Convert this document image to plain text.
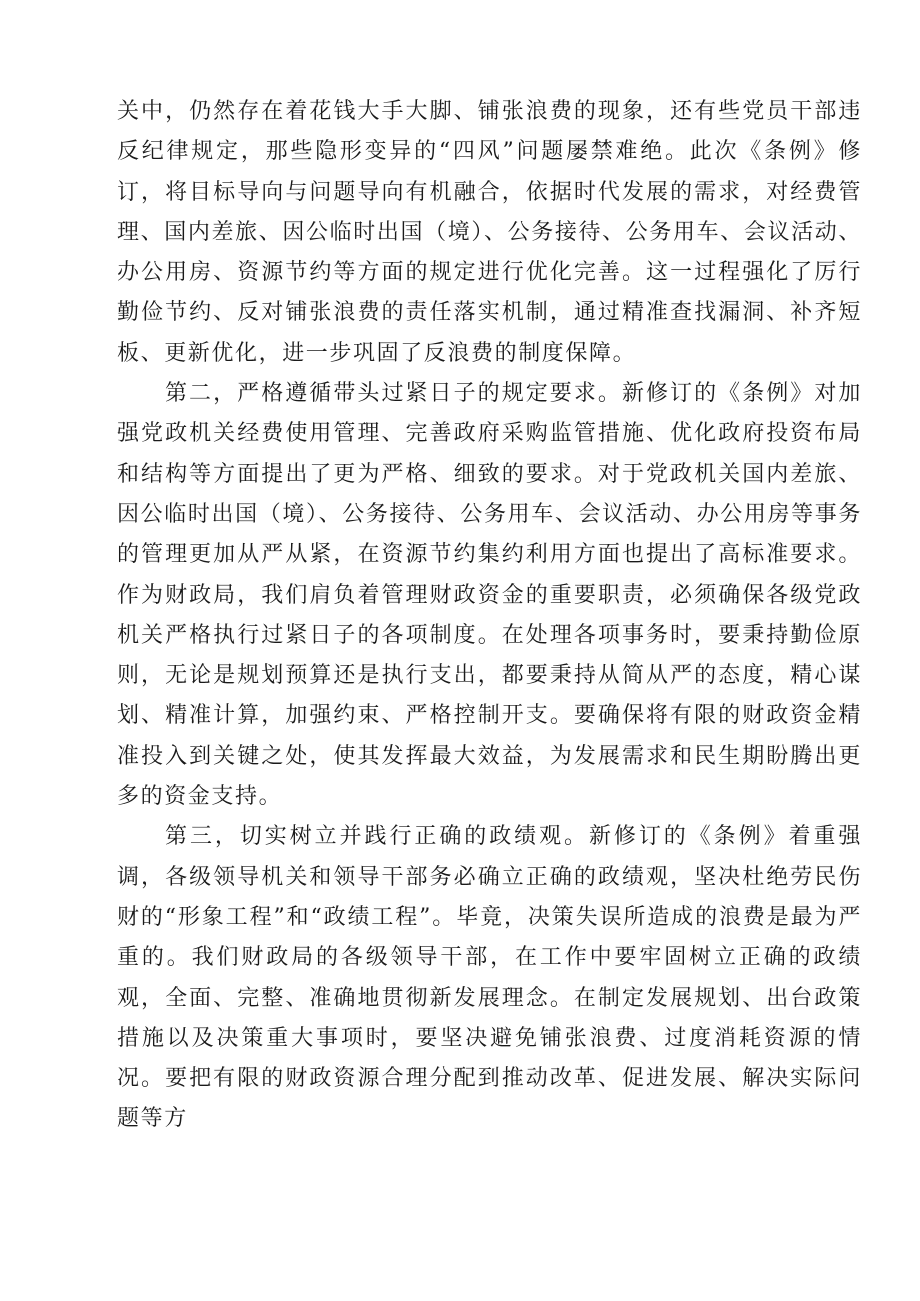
关中，仍然存在着花钱大手大脚、铺张浪费的现象，还有些党员干部违反纪律规定，那些隐形变异的“四风”问题屡禁难绝。此次《条例》修订，将目标导向与问题导向有机融合，依据时代发展的需求，对经费管理、国内差旅、因公临时出国（境）、公务接待、公务用车、会议活动、办公用房、资源节约等方面的规定进行优化完善。这一过程强化了厉行勤俭节约、反对铺张浪费的责任落实机制，通过精准查找漏洞、补齐短板、更新优化，进一步巩固了反浪费的制度保障。

第二，严格遵循带头过紧日子的规定要求。新修订的《条例》对加强党政机关经费使用管理、完善政府采购监管措施、优化政府投资布局和结构等方面提出了更为严格、细致的要求。对于党政机关国内差旅、因公临时出国（境）、公务接待、公务用车、会议活动、办公用房等事务的管理更加从严从紧，在资源节约集约利用方面也提出了高标准要求。作为财政局，我们肩负着管理财政资金的重要职责，必须确保各级党政机关严格执行过紧日子的各项制度。在处理各项事务时，要秉持勤俭原则，无论是规划预算还是执行支出，都要秉持从简从严的态度，精心谋划、精准计算，加强约束、严格控制开支。要确保将有限的财政资金精准投入到关键之处，使其发挥最大效益，为发展需求和民生期盼腾出更多的资金支持。

第三，切实树立并践行正确的政绩观。新修订的《条例》着重强调，各级领导机关和领导干部务必确立正确的政绩观，坚决杜绝劳民伤财的“形象工程”和“政绩工程”。毕竟，决策失误所造成的浪费是最为严重的。我们财政局的各级领导干部，在工作中要牢固树立正确的政绩观，全面、完整、准确地贯彻新发展理念。在制定发展规划、出台政策措施以及决策重大事项时，要坚决避免铺张浪费、过度消耗资源的情况。要把有限的财政资源合理分配到推动改革、促进发展、解决实际问题等方
